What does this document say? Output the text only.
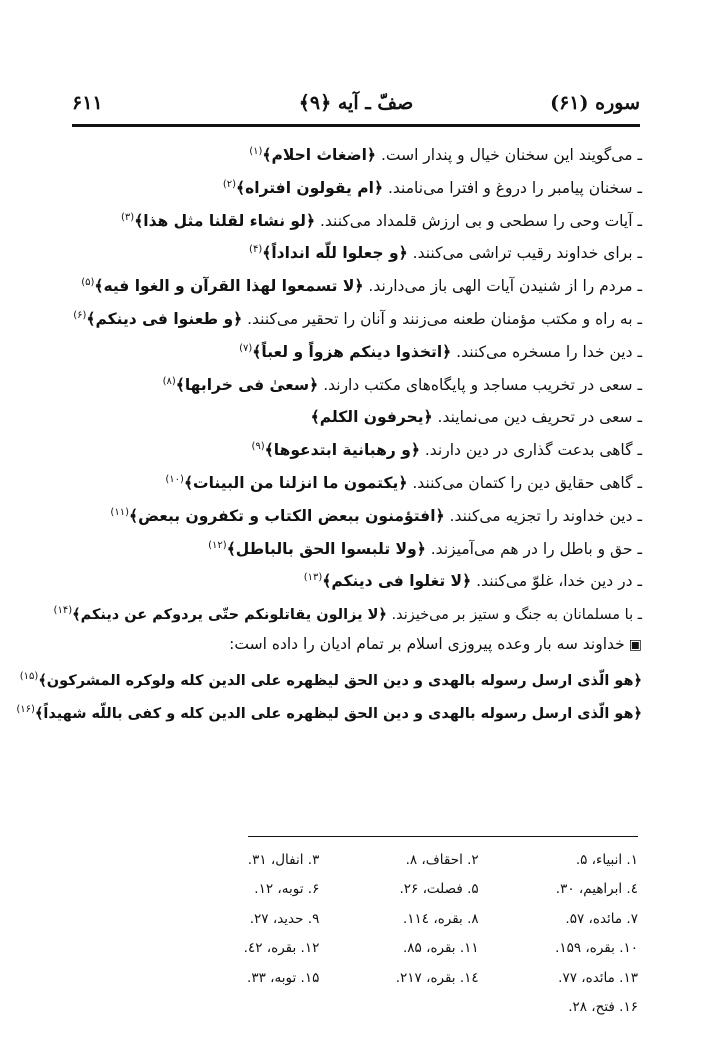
سوره (۶۱)
صفّ ـ آیه ﴿۹﴾
۶۱۱
ـ می‌گویند این سخنان خیال و پندار است. ﴿اضغاث احلام﴾$^{(۱)}$
ـ سخنان پیامبر را دروغ و افترا می‌نامند. ﴿ام یقولون افتراه﴾$^{(۲)}$
ـ آیات وحی را سطحی و بی ارزش قلمداد می‌کنند. ﴿لو نشاء لقلنا مثل هذا﴾$^{(۳)}$
ـ برای خداوند رقیب تراشی می‌کنند. ﴿و جعلوا للّه انداداً﴾$^{(۴)}$
ـ مردم را از شنیدن آیات الهی باز می‌دارند. ﴿لا تسمعوا لهذا القرآن و الغوا فیه﴾$^{(۵)}$
ـ به راه و مکتب مؤمنان طعنه می‌زنند و آنان را تحقیر می‌کنند. ﴿و طعنوا فی دینکم﴾$^{(۶)}$
ـ دین خدا را مسخره می‌کنند. ﴿اتخذوا دینکم هزواً و لعباً﴾$^{(۷)}$
ـ سعی در تخریب مساجد و پایگاه‌های مکتب دارند. ﴿سعیٰ فی خرابها﴾$^{(۸)}$
ـ سعی در تحریف دین می‌نمایند. ﴿یحرفون الکلم﴾
ـ گاهی بدعت گذاری در دین دارند. ﴿و رهبانیة ابتدعوها﴾$^{(۹)}$
ـ گاهی حقایق دین را کتمان می‌کنند. ﴿یکتمون ما انزلنا من البینات﴾$^{(۱۰)}$
ـ دین خداوند را تجزیه می‌کنند. ﴿افتؤمنون ببعض الکتاب و تکفرون ببعض﴾$^{(۱۱)}$
ـ حق و باطل را در هم می‌آمیزند. ﴿ولا تلبسوا الحق بالباطل﴾$^{(۱۲)}$
ـ در دین خدا، غلوّ می‌کنند. ﴿لا تغلوا فی دینکم﴾$^{(۱۳)}$
ـ با مسلمانان به جنگ و ستیز بر می‌خیزند. ﴿لا یزالون یقاتلونکم حتّی یردوکم عن دینکم﴾$^{(۱۴)}$
▣خداوند سه بار وعده پیروزی اسلام بر تمام ادیان را داده است:
﴿هو الّذی ارسل رسوله بالهدی و دین الحق لیظهره علی الدین کله ولوکره المشرکون﴾$^{(۱۵)}$
﴿هو الّذی ارسل رسوله بالهدی و دین الحق لیظهره علی الدین کله و کفی باللّه شهیداً﴾$^{(۱۶)}$
۱. انبیاء، ۵.
۲. احقاف، ۸.
۳. انفال، ۳۱.
٤. ابراهیم، ۳۰.
۵. فصلت، ۲۶.
۶. توبه، ۱۲.
۷. مائده، ۵۷.
۸. بقره، ۱۱٤.
۹. حدید، ۲۷.
۱۰. بقره، ۱۵۹.
۱۱. بقره، ۸۵.
۱۲. بقره، ٤۲.
۱۳. مائده، ۷۷.
۱٤. بقره، ۲۱۷.
۱۵. توبه، ۳۳.
۱۶. فتح، ۲۸.
